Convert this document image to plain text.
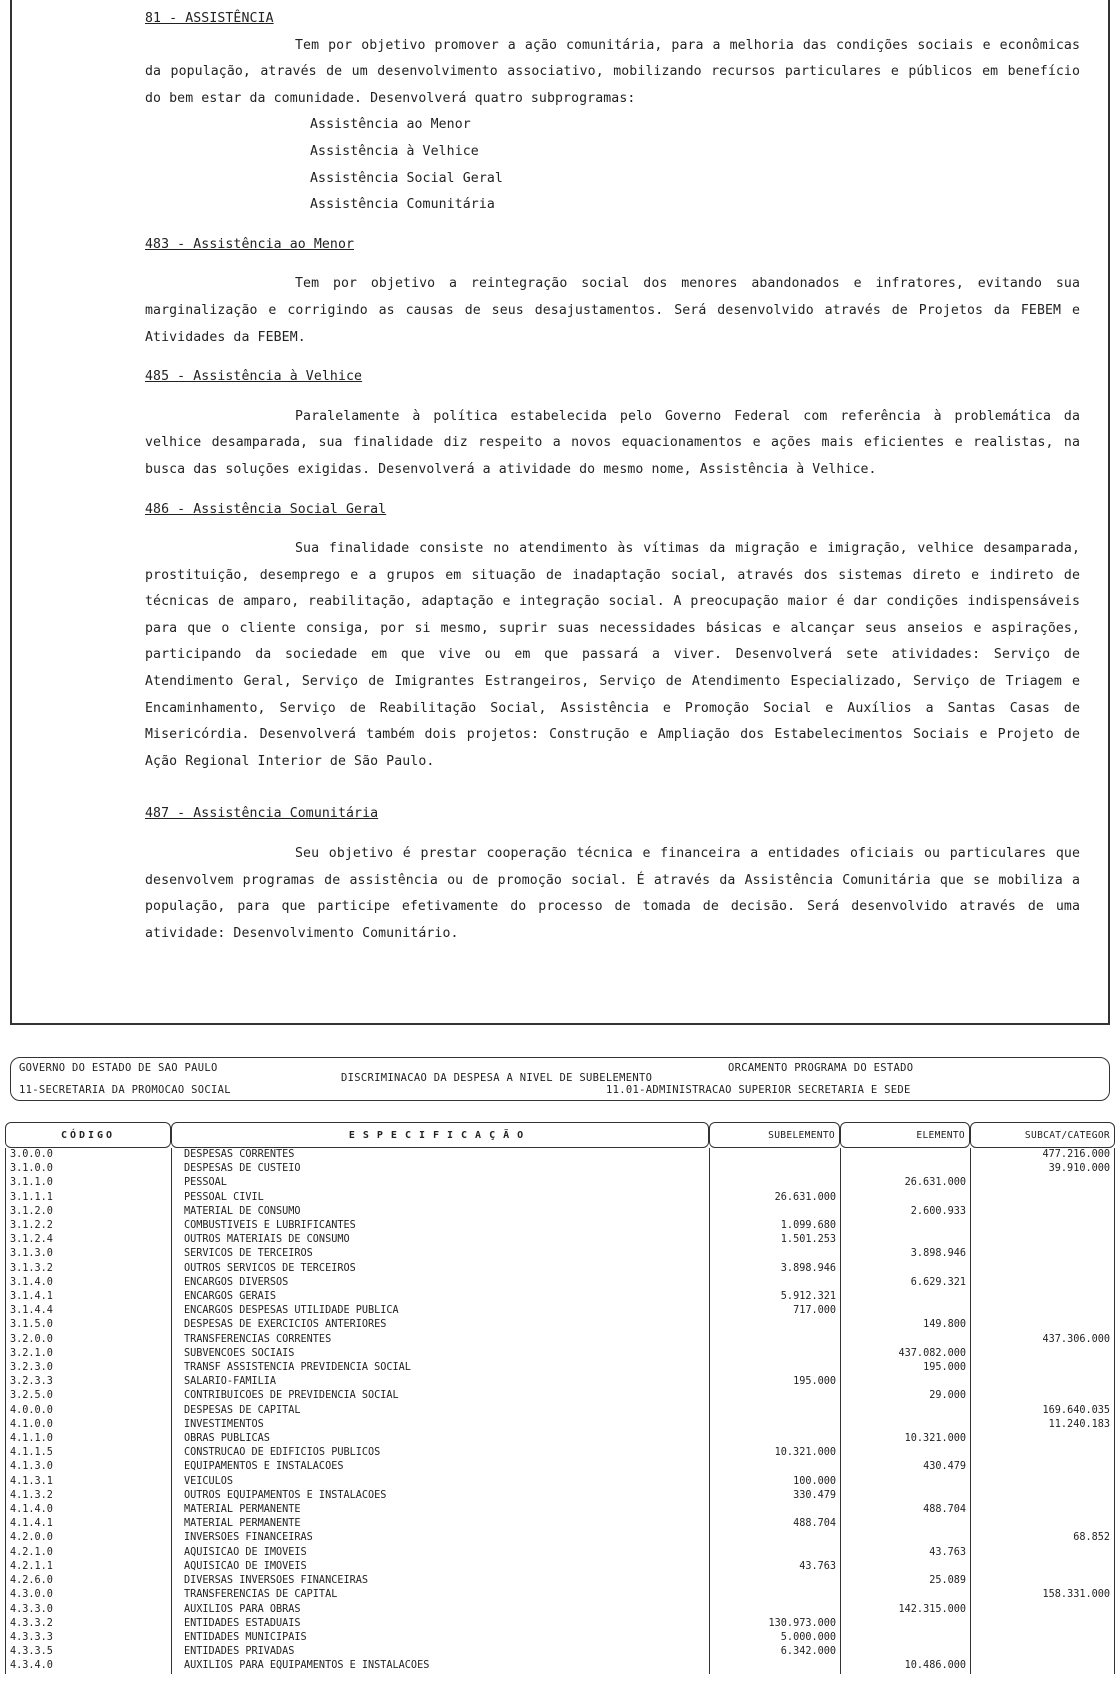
81 - ASSISTÊNCIA

Tem por objetivo promover a ação comunitária, para a melhoria das condições sociais e econômicas da população, através de um desenvolvimento associativo, mobilizando recursos particulares e públicos em benefício do bem estar da comunidade. Desenvolverá quatro subprogramas:

Assistência ao Menor
Assistência à Velhice
Assistência Social Geral
Assistência Comunitária

483 - Assistência ao Menor

Tem por objetivo a reintegração social dos menores abandonados e infratores, evitando sua marginalização e corrigindo as causas de seus desajustamentos. Será desenvolvido através de Projetos da FEBEM e Atividades da FEBEM.

485 - Assistência à Velhice

Paralelamente à política estabelecida pelo Governo Federal com referência à problemática da velhice desamparada, sua finalidade diz respeito a novos equacionamentos e ações mais eficientes e realistas, na busca das soluções exigidas. Desenvolverá a atividade do mesmo nome, Assistência à Velhice.

486 - Assistência Social Geral

Sua finalidade consiste no atendimento às vítimas da migração e imigração, velhice desamparada, prostituição, desemprego e a grupos em situação de inadaptação social, através dos sistemas direto e indireto de técnicas de amparo, reabilitação, adaptação e integração social. A preocupação maior é dar condições indispensáveis para que o cliente consiga, por si mesmo, suprir suas necessidades básicas e alcançar seus anseios e aspirações, participando da sociedade em que vive ou em que passará a viver. Desenvolverá sete atividades: Serviço de Atendimento Geral, Serviço de Imigrantes Estrangeiros, Serviço de Atendimento Especializado, Serviço de Triagem e Encaminhamento, Serviço de Reabilitação Social, Assistência e Promoção Social e Auxílios a Santas Casas de Misericórdia. Desenvolverá também dois projetos: Construção e Ampliação dos Estabelecimentos Sociais e Projeto de Ação Regional Interior de São Paulo.

487 - Assistência Comunitária

Seu objetivo é prestar cooperação técnica e financeira a entidades oficiais ou particulares que desenvolvem programas de assistência ou de promoção social. É através da Assistência Comunitária que se mobiliza a população, para que participe efetivamente do processo de tomada de decisão. Será desenvolvido através de uma atividade: Desenvolvimento Comunitário.

GOVERNO DO ESTADO DE SAO PAULO
11-SECRETARIA DA PROMOCAO SOCIAL
DISCRIMINACAO DA DESPESA A NIVEL DE SUBELEMENTO
ORCAMENTO PROGRAMA DO ESTADO
11.01-ADMINISTRACAO SUPERIOR SECRETARIA E SEDE
CÓDIGO	ESPECIFICAÇÃO	SUBELEMENTO	ELEMENTO	SUBCAT/CATEGOR
3.0.0.0	DESPESAS CORRENTES			477.216.000
3.1.0.0	DESPESAS DE CUSTEIO			39.910.000
3.1.1.0	PESSOAL		26.631.000	
3.1.1.1	PESSOAL CIVIL	26.631.000		
3.1.2.0	MATERIAL DE CONSUMO		2.600.933	
3.1.2.2	COMBUSTIVEIS E LUBRIFICANTES	1.099.680		
3.1.2.4	OUTROS MATERIAIS DE CONSUMO	1.501.253		
3.1.3.0	SERVICOS DE TERCEIROS		3.898.946	
3.1.3.2	OUTROS SERVICOS DE TERCEIROS	3.898.946		
3.1.4.0	ENCARGOS DIVERSOS		6.629.321	
3.1.4.1	ENCARGOS GERAIS	5.912.321		
3.1.4.4	ENCARGOS DESPESAS UTILIDADE PUBLICA	717.000		
3.1.5.0	DESPESAS DE EXERCICIOS ANTERIORES		149.800	
3.2.0.0	TRANSFERENCIAS CORRENTES			437.306.000
3.2.1.0	SUBVENCOES SOCIAIS		437.082.000	
3.2.3.0	TRANSF ASSISTENCIA PREVIDENCIA SOCIAL		195.000	
3.2.3.3	SALARIO-FAMILIA	195.000		
3.2.5.0	CONTRIBUICOES DE PREVIDENCIA SOCIAL		29.000	
4.0.0.0	DESPESAS DE CAPITAL			169.640.035
4.1.0.0	INVESTIMENTOS			11.240.183
4.1.1.0	OBRAS PUBLICAS		10.321.000	
4.1.1.5	CONSTRUCAO DE EDIFICIOS PUBLICOS	10.321.000		
4.1.3.0	EQUIPAMENTOS E INSTALACOES		430.479	
4.1.3.1	VEICULOS	100.000		
4.1.3.2	OUTROS EQUIPAMENTOS E INSTALACOES	330.479		
4.1.4.0	MATERIAL PERMANENTE		488.704	
4.1.4.1	MATERIAL PERMANENTE	488.704		
4.2.0.0	INVERSOES FINANCEIRAS			68.852
4.2.1.0	AQUISICAO DE IMOVEIS		43.763	
4.2.1.1	AQUISICAO DE IMOVEIS	43.763		
4.2.6.0	DIVERSAS INVERSOES FINANCEIRAS		25.089	
4.3.0.0	TRANSFERENCIAS DE CAPITAL			158.331.000
4.3.3.0	AUXILIOS PARA OBRAS		142.315.000	
4.3.3.2	ENTIDADES ESTADUAIS	130.973.000		
4.3.3.3	ENTIDADES MUNICIPAIS	5.000.000		
4.3.3.5	ENTIDADES PRIVADAS	6.342.000		
4.3.4.0	AUXILIOS PARA EQUIPAMENTOS E INSTALACOES		10.486.000	
